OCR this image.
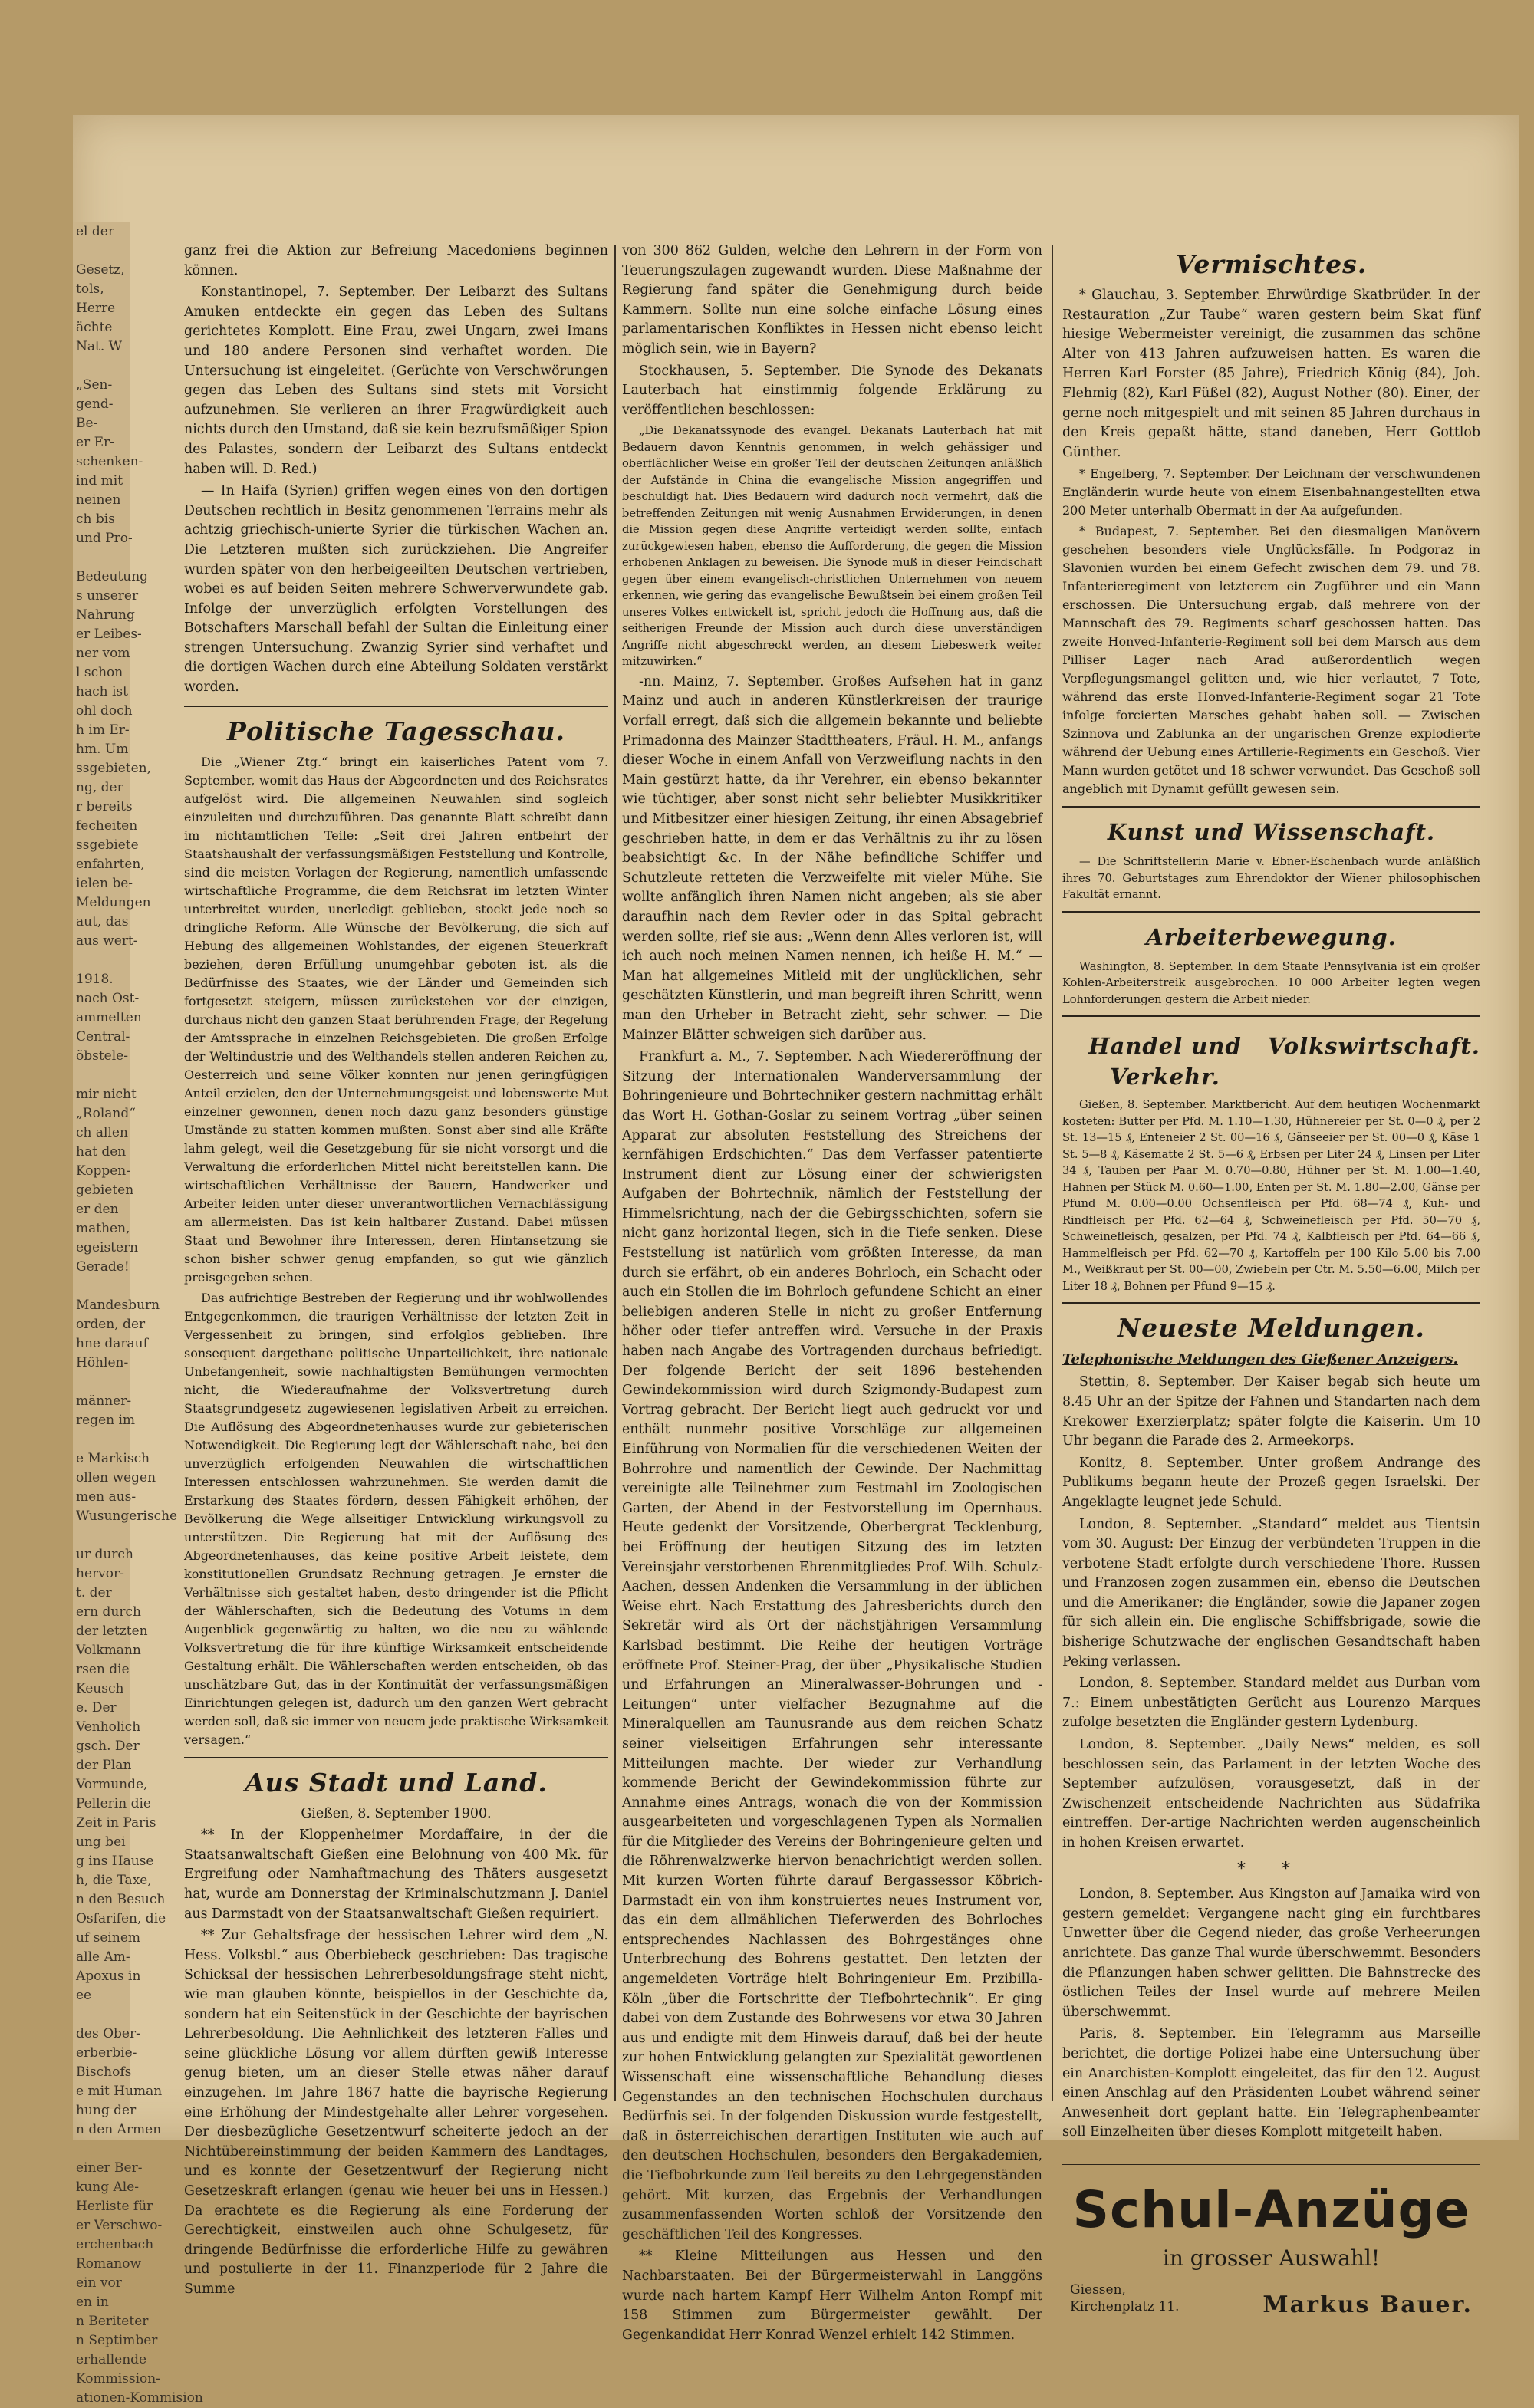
el der

Gesetz,
tols,
Herre
ächte
Nat. W

„Sen-
gend-
Be-
er Er-
schenken-
ind mit
neinen
ch bis
und Pro-

Bedeutung
s unserer
Nahrung
er Leibes-
ner vom
l schon
hach ist
ohl doch
h im Er-
hm. Um
ssgebieten,
ng, der
r bereits
fecheiten
ssgebiete
enfahrten,
ielen be-
Meldungen
aut, das
aus wert-

1918.
nach Ost-
ammelten
Central-
öbstele-

mir nicht
„Roland“
ch allen
hat den
Koppen-
gebieten
er den
mathen,
egeistern
Gerade!

Mandesburn
orden, der
hne darauf
Höhlen-

männer-
regen im

e Markisch
ollen wegen
men aus-
Wusungerische

ur durch
hervor-
t. der
ern durch
der letzten
Volkmann
rsen die
Keusch
e. Der
Venholich
gsch. Der
der Plan
Vormunde,
Pellerin die
Zeit in Paris
ung bei
g ins Hause
h, die Taxe,
n den Besuch
Osfarifen, die
uf seinem
alle Am-
Apoxus in
ee

des Ober-
erberbie-
Bischofs
e mit Human
hung der
n den Armen

einer Ber-
kung Ale-
Herliste für
er Verschwo-
erchenbach
Romanow
ein vor
en in
n Beriteter
n Septimber
erhallende
Kommission-
ationen-Kommision

ganz frei die Aktion zur Befreiung Macedoniens beginnen können.

Konstantinopel, 7. September. Der Leibarzt des Sultans Amuken entdeckte ein gegen das Leben des Sultans gerichtetes Komplott. Eine Frau, zwei Ungarn, zwei Imans und 180 andere Personen sind verhaftet worden. Die Untersuchung ist eingeleitet. (Gerüchte von Verschwörungen gegen das Leben des Sultans sind stets mit Vorsicht aufzunehmen. Sie verlieren an ihrer Fragwürdigkeit auch nichts durch den Umstand, daß sie kein bezrufsmäßiger Spion des Palastes, sondern der Leibarzt des Sultans entdeckt haben will. D. Red.)

— In Haifa (Syrien) griffen wegen eines von den dortigen Deutschen rechtlich in Besitz genommenen Terrains mehr als achtzig griechisch-unierte Syrier die türkischen Wachen an. Die Letzteren mußten sich zurückziehen. Die Angreifer wurden später von den herbeigeeilten Deutschen vertrieben, wobei es auf beiden Seiten mehrere Schwerverwundete gab. Infolge der unverzüglich erfolgten Vorstellungen des Botschafters Marschall befahl der Sultan die Einleitung einer strengen Untersuchung. Zwanzig Syrier sind verhaftet und die dortigen Wachen durch eine Abteilung Soldaten verstärkt worden.

Politische Tagesschau.

Die „Wiener Ztg.“ bringt ein kaiserliches Patent vom 7. September, womit das Haus der Abgeordneten und des Reichsrates aufgelöst wird. Die allgemeinen Neuwahlen sind sogleich einzuleiten und durchzuführen. Das genannte Blatt schreibt dann im nichtamtlichen Teile: „Seit drei Jahren entbehrt der Staatshaushalt der verfassungsmäßigen Feststellung und Kontrolle, sind die meisten Vorlagen der Regierung, namentlich umfassende wirtschaftliche Programme, die dem Reichsrat im letzten Winter unterbreitet wurden, unerledigt geblieben, stockt jede noch so dringliche Reform. Alle Wünsche der Bevölkerung, die sich auf Hebung des allgemeinen Wohlstandes, der eigenen Steuerkraft beziehen, deren Erfüllung unumgehbar geboten ist, als die Bedürfnisse des Staates, wie der Länder und Gemeinden sich fortgesetzt steigern, müssen zurückstehen vor der einzigen, durchaus nicht den ganzen Staat berührenden Frage, der Regelung der Amtssprache in einzelnen Reichsgebieten. Die großen Erfolge der Weltindustrie und des Welthandels stellen anderen Reichen zu, Oesterreich und seine Völker konnten nur jenen geringfügigen Anteil erzielen, den der Unternehmungsgeist und lobenswerte Mut einzelner gewonnen, denen noch dazu ganz besonders günstige Umstände zu statten kommen mußten. Sonst aber sind alle Kräfte lahm gelegt, weil die Gesetzgebung für sie nicht vorsorgt und die Verwaltung die erforderlichen Mittel nicht bereitstellen kann. Die wirtschaftlichen Verhältnisse der Bauern, Handwerker und Arbeiter leiden unter dieser unverantwortlichen Vernachlässigung am allermeisten. Das ist kein haltbarer Zustand. Dabei müssen Staat und Bewohner ihre Interessen, deren Hintansetzung sie schon bisher schwer genug empfanden, so gut wie gänzlich preisgegeben sehen.

Das aufrichtige Bestreben der Regierung und ihr wohlwollendes Entgegenkommen, die traurigen Verhältnisse der letzten Zeit in Vergessenheit zu bringen, sind erfolglos geblieben. Ihre sonsequent dargethane politische Unparteilichkeit, ihre nationale Unbefangenheit, sowie nachhaltigsten Bemühungen vermochten nicht, die Wiederaufnahme der Volksvertretung durch Staatsgrundgesetz zugewiesenen legislativen Arbeit zu erreichen. Die Auflösung des Abgeordnetenhauses wurde zur gebieterischen Notwendigkeit. Die Regierung legt der Wählerschaft nahe, bei den unverzüglich erfolgenden Neuwahlen die wirtschaftlichen Interessen entschlossen wahrzunehmen. Sie werden damit die Erstarkung des Staates fördern, dessen Fähigkeit erhöhen, der Bevölkerung die Wege allseitiger Entwicklung wirkungsvoll zu unterstützen. Die Regierung hat mit der Auflösung des Abgeordnetenhauses, das keine positive Arbeit leistete, dem konstitutionellen Grundsatz Rechnung getragen. Je ernster die Verhältnisse sich gestaltet haben, desto dringender ist die Pflicht der Wählerschaften, sich die Bedeutung des Votums in dem Augenblick gegenwärtig zu halten, wo die neu zu wählende Volksvertretung die für ihre künftige Wirksamkeit entscheidende Gestaltung erhält. Die Wählerschaften werden entscheiden, ob das unschätzbare Gut, das in der Kontinuität der verfassungsmäßigen Einrichtungen gelegen ist, dadurch um den ganzen Wert gebracht werden soll, daß sie immer von neuem jede praktische Wirksamkeit versagen.“

Aus Stadt und Land.

Gießen, 8. September 1900.

** In der Kloppenheimer Mordaffaire, in der die Staatsanwaltschaft Gießen eine Belohnung von 400 Mk. für Ergreifung oder Namhaftmachung des Thäters ausgesetzt hat, wurde am Donnerstag der Kriminalschutzmann J. Daniel aus Darmstadt von der Staatsanwaltschaft Gießen requiriert.

** Zur Gehaltsfrage der hessischen Lehrer wird dem „N. Hess. Volksbl.“ aus Oberbiebeck geschrieben: Das tragische Schicksal der hessischen Lehrerbesoldungsfrage steht nicht, wie man glauben könnte, beispiellos in der Geschichte da, sondern hat ein Seitenstück in der Geschichte der bayrischen Lehrerbesoldung. Die Aehnlichkeit des letzteren Falles und seine glückliche Lösung vor allem dürften gewiß Interesse genug bieten, um an dieser Stelle etwas näher darauf einzugehen. Im Jahre 1867 hatte die bayrische Regierung eine Erhöhung der Mindestgehalte aller Lehrer vorgesehen. Der diesbezügliche Gesetzentwurf scheiterte jedoch an der Nichtübereinstimmung der beiden Kammern des Landtages, und es konnte der Gesetzentwurf der Regierung nicht Gesetzeskraft erlangen (genau wie heuer bei uns in Hessen.) Da erachtete es die Regierung als eine Forderung der Gerechtigkeit, einstweilen auch ohne Schulgesetz, für dringende Bedürfnisse die erforderliche Hilfe zu gewähren und postulierte in der 11. Finanzperiode für 2 Jahre die Summe

von 300 862 Gulden, welche den Lehrern in der Form von Teuerungszulagen zugewandt wurden. Diese Maßnahme der Regierung fand später die Genehmigung durch beide Kammern. Sollte nun eine solche einfache Lösung eines parlamentarischen Konfliktes in Hessen nicht ebenso leicht möglich sein, wie in Bayern?

Stockhausen, 5. September. Die Synode des Dekanats Lauterbach hat einstimmig folgende Erklärung zu veröffentlichen beschlossen:

„Die Dekanatssynode des evangel. Dekanats Lauterbach hat mit Bedauern davon Kenntnis genommen, in welch gehässiger und oberflächlicher Weise ein großer Teil der deutschen Zeitungen anläßlich der Aufstände in China die evangelische Mission angegriffen und beschuldigt hat. Dies Bedauern wird dadurch noch vermehrt, daß die betreffenden Zeitungen mit wenig Ausnahmen Erwiderungen, in denen die Mission gegen diese Angriffe verteidigt werden sollte, einfach zurückgewiesen haben, ebenso die Aufforderung, die gegen die Mission erhobenen Anklagen zu beweisen. Die Synode muß in dieser Feindschaft gegen über einem evangelisch-christlichen Unternehmen von neuem erkennen, wie gering das evangelische Bewußtsein bei einem großen Teil unseres Volkes entwickelt ist, spricht jedoch die Hoffnung aus, daß die seitherigen Freunde der Mission auch durch diese unverständigen Angriffe nicht abgeschreckt werden, an diesem Liebeswerk weiter mitzuwirken.“

-nn. Mainz, 7. September. Großes Aufsehen hat in ganz Mainz und auch in anderen Künstlerkreisen der traurige Vorfall erregt, daß sich die allgemein bekannte und beliebte Primadonna des Mainzer Stadttheaters, Fräul. H. M., anfangs dieser Woche in einem Anfall von Verzweiflung nachts in den Main gestürzt hatte, da ihr Verehrer, ein ebenso bekannter wie tüchtiger, aber sonst nicht sehr beliebter Musikkritiker und Mitbesitzer einer hiesigen Zeitung, ihr einen Absagebrief geschrieben hatte, in dem er das Verhältnis zu ihr zu lösen beabsichtigt &c. In der Nähe befindliche Schiffer und Schutzleute retteten die Verzweifelte mit vieler Mühe. Sie wollte anfänglich ihren Namen nicht angeben; als sie aber daraufhin nach dem Revier oder in das Spital gebracht werden sollte, rief sie aus: „Wenn denn Alles verloren ist, will ich auch noch meinen Namen nennen, ich heiße H. M.“ — Man hat allgemeines Mitleid mit der unglücklichen, sehr geschätzten Künstlerin, und man begreift ihren Schritt, wenn man den Urheber in Betracht zieht, sehr schwer. — Die Mainzer Blätter schweigen sich darüber aus.

Frankfurt a. M., 7. September. Nach Wiedereröffnung der Sitzung der Internationalen Wanderversammlung der Bohringenieure und Bohrtechniker gestern nachmittag erhält das Wort H. Gothan-Goslar zu seinem Vortrag „über seinen Apparat zur absoluten Feststellung des Streichens der kernfähigen Erdschichten.“ Das dem Verfasser patentierte Instrument dient zur Lösung einer der schwierigsten Aufgaben der Bohrtechnik, nämlich der Feststellung der Himmelsrichtung, nach der die Gebirgsschichten, sofern sie nicht ganz horizontal liegen, sich in die Tiefe senken. Diese Feststellung ist natürlich vom größten Interesse, da man durch sie erfährt, ob ein anderes Bohrloch, ein Schacht oder auch ein Stollen die im Bohrloch gefundene Schicht an einer beliebigen anderen Stelle in nicht zu großer Entfernung höher oder tiefer antreffen wird. Versuche in der Praxis haben nach Angabe des Vortragenden durchaus befriedigt. Der folgende Bericht der seit 1896 bestehenden Gewindekommission wird durch Szigmondy-Budapest zum Vortrag gebracht. Der Bericht liegt auch gedruckt vor und enthält nunmehr positive Vorschläge zur allgemeinen Einführung von Normalien für die verschiedenen Weiten der Bohrrohre und namentlich der Gewinde. Der Nachmittag vereinigte alle Teilnehmer zum Festmahl im Zoologischen Garten, der Abend in der Festvorstellung im Opernhaus. Heute gedenkt der Vorsitzende, Oberbergrat Tecklenburg, bei Eröffnung der heutigen Sitzung des im letzten Vereinsjahr verstorbenen Ehrenmitgliedes Prof. Wilh. Schulz-Aachen, dessen Andenken die Versammlung in der üblichen Weise ehrt. Nach Erstattung des Jahresberichts durch den Sekretär wird als Ort der nächstjährigen Versammlung Karlsbad bestimmt. Die Reihe der heutigen Vorträge eröffnete Prof. Steiner-Prag, der über „Physikalische Studien und Erfahrungen an Mineralwasser-Bohrungen und -Leitungen“ unter vielfacher Bezugnahme auf die Mineralquellen am Taunusrande aus dem reichen Schatz seiner vielseitigen Erfahrungen sehr interessante Mitteilungen machte. Der wieder zur Verhandlung kommende Bericht der Gewindekommission führte zur Annahme eines Antrags, wonach die von der Kommission ausgearbeiteten und vorgeschlagenen Typen als Normalien für die Mitglieder des Vereins der Bohringenieure gelten und die Röhrenwalzwerke hiervon benachrichtigt werden sollen. Mit kurzen Worten führte darauf Bergassessor Köbrich-Darmstadt ein von ihm konstruiertes neues Instrument vor, das ein dem allmählichen Tieferwerden des Bohrloches entsprechendes Nachlassen des Bohrgestänges ohne Unterbrechung des Bohrens gestattet. Den letzten der angemeldeten Vorträge hielt Bohringenieur Em. Przibilla-Köln „über die Fortschritte der Tiefbohrtechnik“. Er ging dabei von dem Zustande des Bohrwesens vor etwa 30 Jahren aus und endigte mit dem Hinweis darauf, daß bei der heute zur hohen Entwicklung gelangten zur Spezialität gewordenen Wissenschaft eine wissenschaftliche Behandlung dieses Gegenstandes an den technischen Hochschulen durchaus Bedürfnis sei. In der folgenden Diskussion wurde festgestellt, daß in österreichischen derartigen Instituten wie auch auf den deutschen Hochschulen, besonders den Bergakademien, die Tiefbohrkunde zum Teil bereits zu den Lehrgegenständen gehört. Mit kurzen, das Ergebnis der Verhandlungen zusammenfassenden Worten schloß der Vorsitzende den geschäftlichen Teil des Kongresses.

** Kleine Mitteilungen aus Hessen und den Nachbarstaaten. Bei der Bürgermeisterwahl in Langgöns wurde nach hartem Kampf Herr Wilhelm Anton Rompf mit 158 Stimmen zum Bürgermeister gewählt. Der Gegenkandidat Herr Konrad Wenzel erhielt 142 Stimmen.

Vermischtes.

* Glauchau, 3. September. Ehrwürdige Skatbrüder. In der Restauration „Zur Taube“ waren gestern beim Skat fünf hiesige Webermeister vereinigt, die zusammen das schöne Alter von 413 Jahren aufzuweisen hatten. Es waren die Herren Karl Forster (85 Jahre), Friedrich König (84), Joh. Flehmig (82), Karl Füßel (82), August Nother (80). Einer, der gerne noch mitgespielt und mit seinen 85 Jahren durchaus in den Kreis gepaßt hätte, stand daneben, Herr Gottlob Günther.

* Engelberg, 7. September. Der Leichnam der verschwundenen Engländerin wurde heute von einem Eisenbahnangestellten etwa 200 Meter unterhalb Obermatt in der Aa aufgefunden.

* Budapest, 7. September. Bei den diesmaligen Manövern geschehen besonders viele Unglücksfälle. In Podgoraz in Slavonien wurden bei einem Gefecht zwischen dem 79. und 78. Infanterieregiment von letzterem ein Zugführer und ein Mann erschossen. Die Untersuchung ergab, daß mehrere von der Mannschaft des 79. Regiments scharf geschossen hatten. Das zweite Honved-Infanterie-Regiment soll bei dem Marsch aus dem Pilliser Lager nach Arad außerordentlich wegen Verpflegungsmangel gelitten und, wie hier verlautet, 7 Tote, während das erste Honved-Infanterie-Regiment sogar 21 Tote infolge forcierten Marsches gehabt haben soll. — Zwischen Szinnova und Zablunka an der ungarischen Grenze explodierte während der Uebung eines Artillerie-Regiments ein Geschoß. Vier Mann wurden getötet und 18 schwer verwundet. Das Geschoß soll angeblich mit Dynamit gefüllt gewesen sein.

Kunst und Wissenschaft.

— Die Schriftstellerin Marie v. Ebner-Eschenbach wurde anläßlich ihres 70. Geburtstages zum Ehrendoktor der Wiener philosophischen Fakultät ernannt.

Arbeiterbewegung.

Washington, 8. September. In dem Staate Pennsylvania ist ein großer Kohlen-Arbeiterstreik ausgebrochen. 10 000 Arbeiter legten wegen Lohnforderungen gestern die Arbeit nieder.

Handel und Verkehr.
Volkswirtschaft.

Gießen, 8. September. Marktbericht. Auf dem heutigen Wochenmarkt kosteten: Butter per Pfd. M. 1.10—1.30, Hühnereier per St. 0—0 ₰, per 2 St. 13—15 ₰, Enteneier 2 St. 00—16 ₰, Gänseeier per St. 00—0 ₰, Käse 1 St. 5—8 ₰, Käsematte 2 St. 5—6 ₰, Erbsen per Liter 24 ₰, Linsen per Liter 34 ₰, Tauben per Paar M. 0.70—0.80, Hühner per St. M. 1.00—1.40, Hahnen per Stück M. 0.60—1.00, Enten per St. M. 1.80—2.00, Gänse per Pfund M. 0.00—0.00 Ochsenfleisch per Pfd. 68—74 ₰, Kuh- und Rindfleisch per Pfd. 62—64 ₰, Schweinefleisch per Pfd. 50—70 ₰, Schweinefleisch, gesalzen, per Pfd. 74 ₰, Kalbfleisch per Pfd. 64—66 ₰, Hammelfleisch per Pfd. 62—70 ₰, Kartoffeln per 100 Kilo 5.00 bis 7.00 M., Weißkraut per St. 00—00, Zwiebeln per Ctr. M. 5.50—6.00, Milch per Liter 18 ₰, Bohnen per Pfund 9—15 ₰.

Neueste Meldungen.
Telephonische Meldungen des Gießener Anzeigers.

Stettin, 8. September. Der Kaiser begab sich heute um 8.45 Uhr an der Spitze der Fahnen und Standarten nach dem Krekower Exerzierplatz; später folgte die Kaiserin. Um 10 Uhr begann die Parade des 2. Armeekorps.

Konitz, 8. September. Unter großem Andrange des Publikums begann heute der Prozeß gegen Israelski. Der Angeklagte leugnet jede Schuld.

London, 8. September. „Standard“ meldet aus Tientsin vom 30. August: Der Einzug der verbündeten Truppen in die verbotene Stadt erfolgte durch verschiedene Thore. Russen und Franzosen zogen zusammen ein, ebenso die Deutschen und die Amerikaner; die Engländer, sowie die Japaner zogen für sich allein ein. Die englische Schiffsbrigade, sowie die bisherige Schutzwache der englischen Gesandtschaft haben Peking verlassen.

London, 8. September. Standard meldet aus Durban vom 7.: Einem unbestätigten Gerücht aus Lourenzo Marques zufolge besetzten die Engländer gestern Lydenburg.

London, 8. September. „Daily News“ melden, es soll beschlossen sein, das Parlament in der letzten Woche des September aufzulösen, vorausgesetzt, daß in der Zwischenzeit entscheidende Nachrichten aus Südafrika eintreffen. Der-artige Nachrichten werden augenscheinlich in hohen Kreisen erwartet.

* *

London, 8. September. Aus Kingston auf Jamaika wird von gestern gemeldet: Vergangene nacht ging ein furchtbares Unwetter über die Gegend nieder, das große Verheerungen anrichtete. Das ganze Thal wurde überschwemmt. Besonders die Pflanzungen haben schwer gelitten. Die Bahnstrecke des östlichen Teiles der Insel wurde auf mehrere Meilen überschwemmt.

Paris, 8. September. Ein Telegramm aus Marseille berichtet, die dortige Polizei habe eine Untersuchung über ein Anarchisten-Komplott eingeleitet, das für den 12. August einen Anschlag auf den Präsidenten Loubet während seiner Anwesenheit dort geplant hatte. Ein Telegraphenbeamter soll Einzelheiten über dieses Komplott mitgeteilt haben.

Schul-Anzüge
in grosser Auswahl!
Giessen,
Kirchenplatz 11.	Markus Bauer.
